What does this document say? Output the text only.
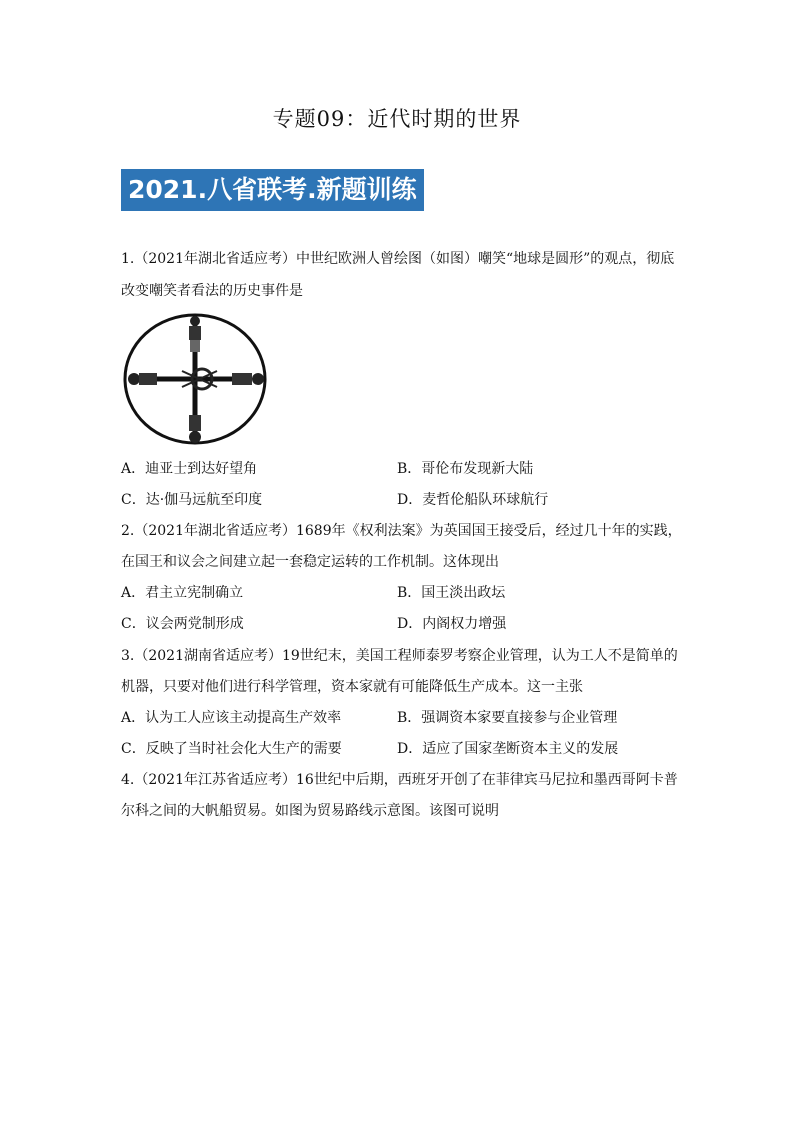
专题09：近代时期的世界
2021.八省联考.新题训练
1.（2021年湖北省适应考）中世纪欧洲人曾绘图（如图）嘲笑“地球是圆形”的观点，彻底
改变嘲笑者看法的历史事件是
A．迪亚士到达好望角	B．哥伦布发现新大陆
C．达·伽马远航至印度	D．麦哲伦船队环球航行
2.（2021年湖北省适应考）1689年《权利法案》为英国国王接受后，经过几十年的实践，
在国王和议会之间建立起一套稳定运转的工作机制。这体现出
A．君主立宪制确立	B．国王淡出政坛
C．议会两党制形成	D．内阁权力增强
3.（2021湖南省适应考）19世纪末，美国工程师泰罗考察企业管理，认为工人不是简单的
机器，只要对他们进行科学管理，资本家就有可能降低生产成本。这一主张
A．认为工人应该主动提高生产效率	B．强调资本家要直接参与企业管理
C．反映了当时社会化大生产的需要	D．适应了国家垄断资本主义的发展
4.（2021年江苏省适应考）16世纪中后期，西班牙开创了在菲律宾马尼拉和墨西哥阿卡普
尔科之间的大帆船贸易。如图为贸易路线示意图。该图可说明
